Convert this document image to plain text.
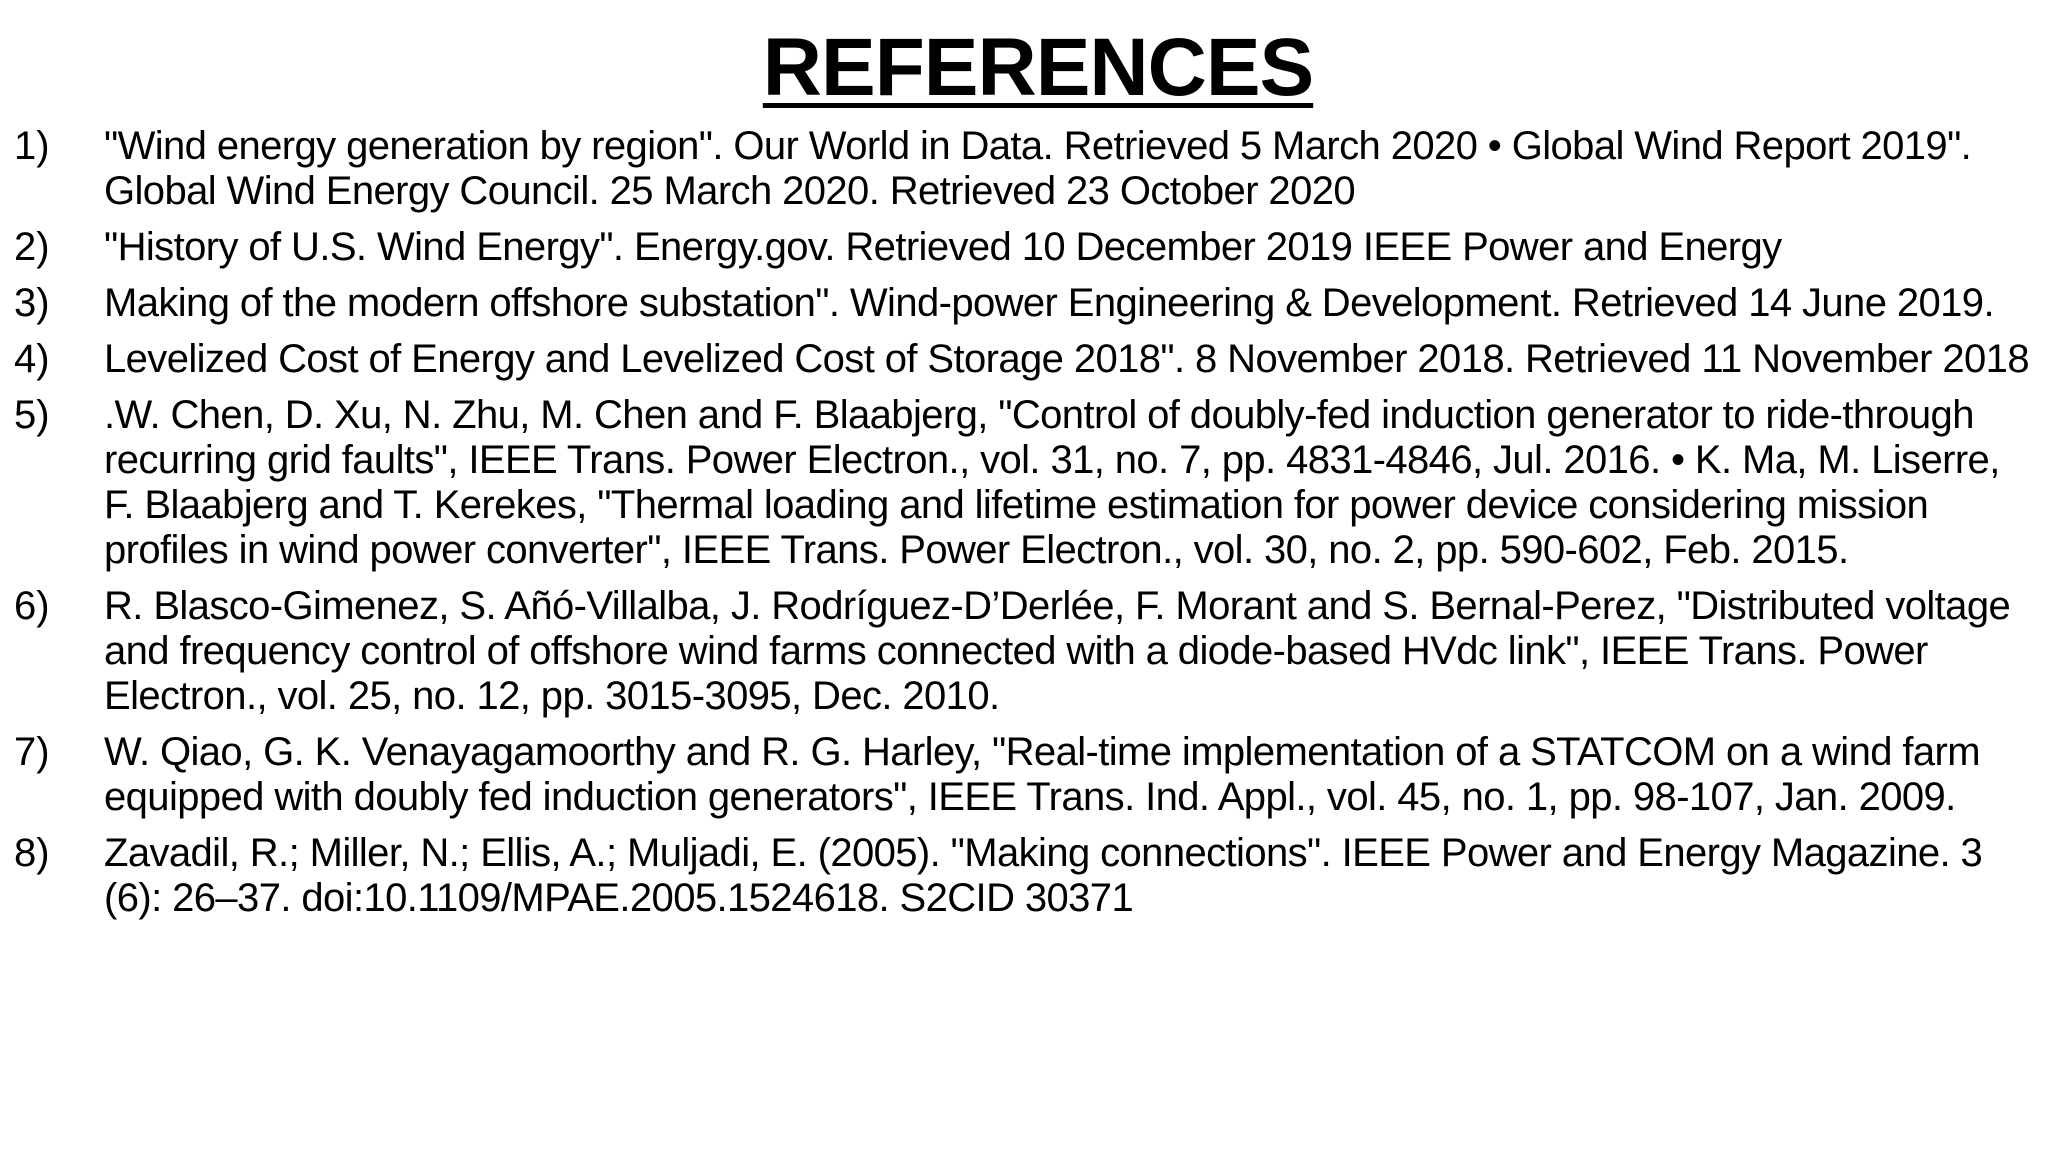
REFERENCES
1)	"Wind energy generation by region". Our World in Data. Retrieved 5 March 2020 • Global Wind Report 2019". Global Wind Energy Council. 25 March 2020. Retrieved 23 October 2020
2)	"History of U.S. Wind Energy". Energy.gov. Retrieved 10 December 2019 IEEE Power and Energy
3)	Making of the modern offshore substation". Wind-power Engineering & Development. Retrieved 14 June 2019.
4)	Levelized Cost of Energy and Levelized Cost of Storage 2018". 8 November 2018. Retrieved 11 November 2018
5)	.W. Chen, D. Xu, N. Zhu, M. Chen and F. Blaabjerg, "Control of doubly-fed induction generator to ride-through recurring grid faults", IEEE Trans. Power Electron., vol. 31, no. 7, pp. 4831-4846, Jul. 2016. • K. Ma, M. Liserre, F. Blaabjerg and T. Kerekes, "Thermal loading and lifetime estimation for power device considering mission profiles in wind power converter", IEEE Trans. Power Electron., vol. 30, no. 2, pp. 590-602, Feb. 2015.
6)	R. Blasco-Gimenez, S. Añó-Villalba, J. Rodríguez-D’Derlée, F. Morant and S. Bernal-Perez, "Distributed voltage and frequency control of offshore wind farms connected with a diode-based HVdc link", IEEE Trans. Power Electron., vol. 25, no. 12, pp. 3015-3095, Dec. 2010.
7)	W. Qiao, G. K. Venayagamoorthy and R. G. Harley, "Real-time implementation of a STATCOM on a wind farm equipped with doubly fed induction generators", IEEE Trans. Ind. Appl., vol. 45, no. 1, pp. 98-107, Jan. 2009.
8)	Zavadil, R.; Miller, N.; Ellis, A.; Muljadi, E. (2005). "Making connections". IEEE Power and Energy Magazine. 3 (6): 26–37. doi:10.1109/MPAE.2005.1524618. S2CID 30371
